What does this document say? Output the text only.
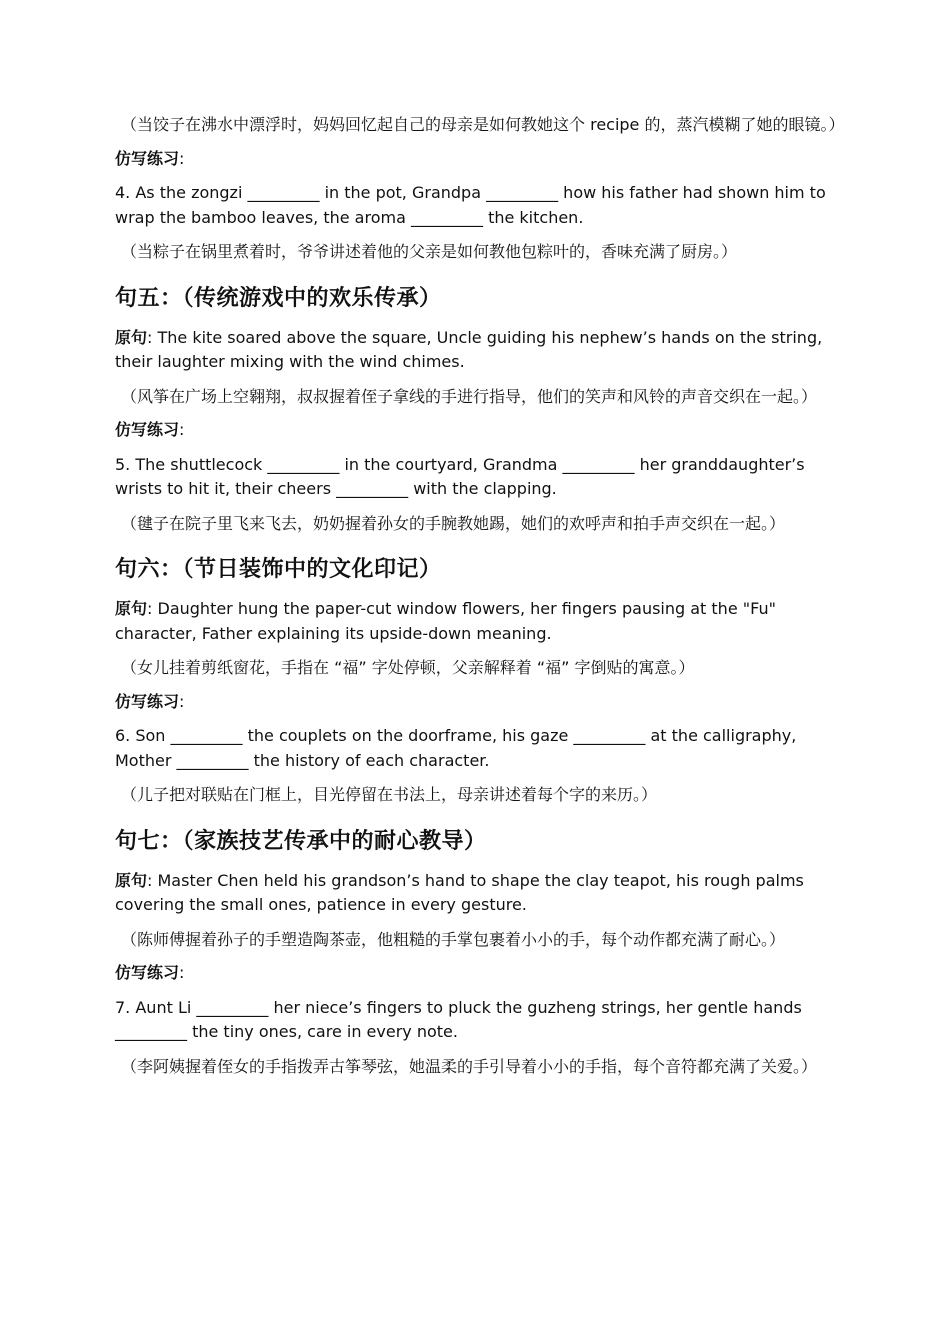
（当饺子在沸水中漂浮时，妈妈回忆起自己的母亲是如何教她这个 recipe 的，蒸汽模糊了她的眼镜。）

仿写练习:

4. As the zongzi _________ in the pot, Grandpa _________ how his father had shown him to wrap the bamboo leaves, the aroma _________ the kitchen.

（当粽子在锅里煮着时，爷爷讲述着他的父亲是如何教他包粽叶的，香味充满了厨房。）

句五：（传统游戏中的欢乐传承）

原句: The kite soared above the square, Uncle guiding his nephew’s hands on the string, their laughter mixing with the wind chimes.

（风筝在广场上空翱翔，叔叔握着侄子拿线的手进行指导，他们的笑声和风铃的声音交织在一起。）

仿写练习:

5. The shuttlecock _________ in the courtyard, Grandma _________ her granddaughter’s wrists to hit it, their cheers _________ with the clapping.

（毽子在院子里飞来飞去，奶奶握着孙女的手腕教她踢，她们的欢呼声和拍手声交织在一起。）

句六：（节日装饰中的文化印记）

原句: Daughter hung the paper-cut window flowers, her fingers pausing at the "Fu" character, Father explaining its upside-down meaning.

（女儿挂着剪纸窗花，手指在 “福” 字处停顿，父亲解释着 “福” 字倒贴的寓意。）

仿写练习:

6. Son _________ the couplets on the doorframe, his gaze _________ at the calligraphy, Mother _________ the history of each character.

（儿子把对联贴在门框上，目光停留在书法上，母亲讲述着每个字的来历。）

句七：（家族技艺传承中的耐心教导）

原句: Master Chen held his grandson’s hand to shape the clay teapot, his rough palms covering the small ones, patience in every gesture.

（陈师傅握着孙子的手塑造陶茶壶，他粗糙的手掌包裹着小小的手，每个动作都充满了耐心。）

仿写练习:

7. Aunt Li _________ her niece’s fingers to pluck the guzheng strings, her gentle hands _________ the tiny ones, care in every note.

（李阿姨握着侄女的手指拨弄古筝琴弦，她温柔的手引导着小小的手指，每个音符都充满了关爱。）
